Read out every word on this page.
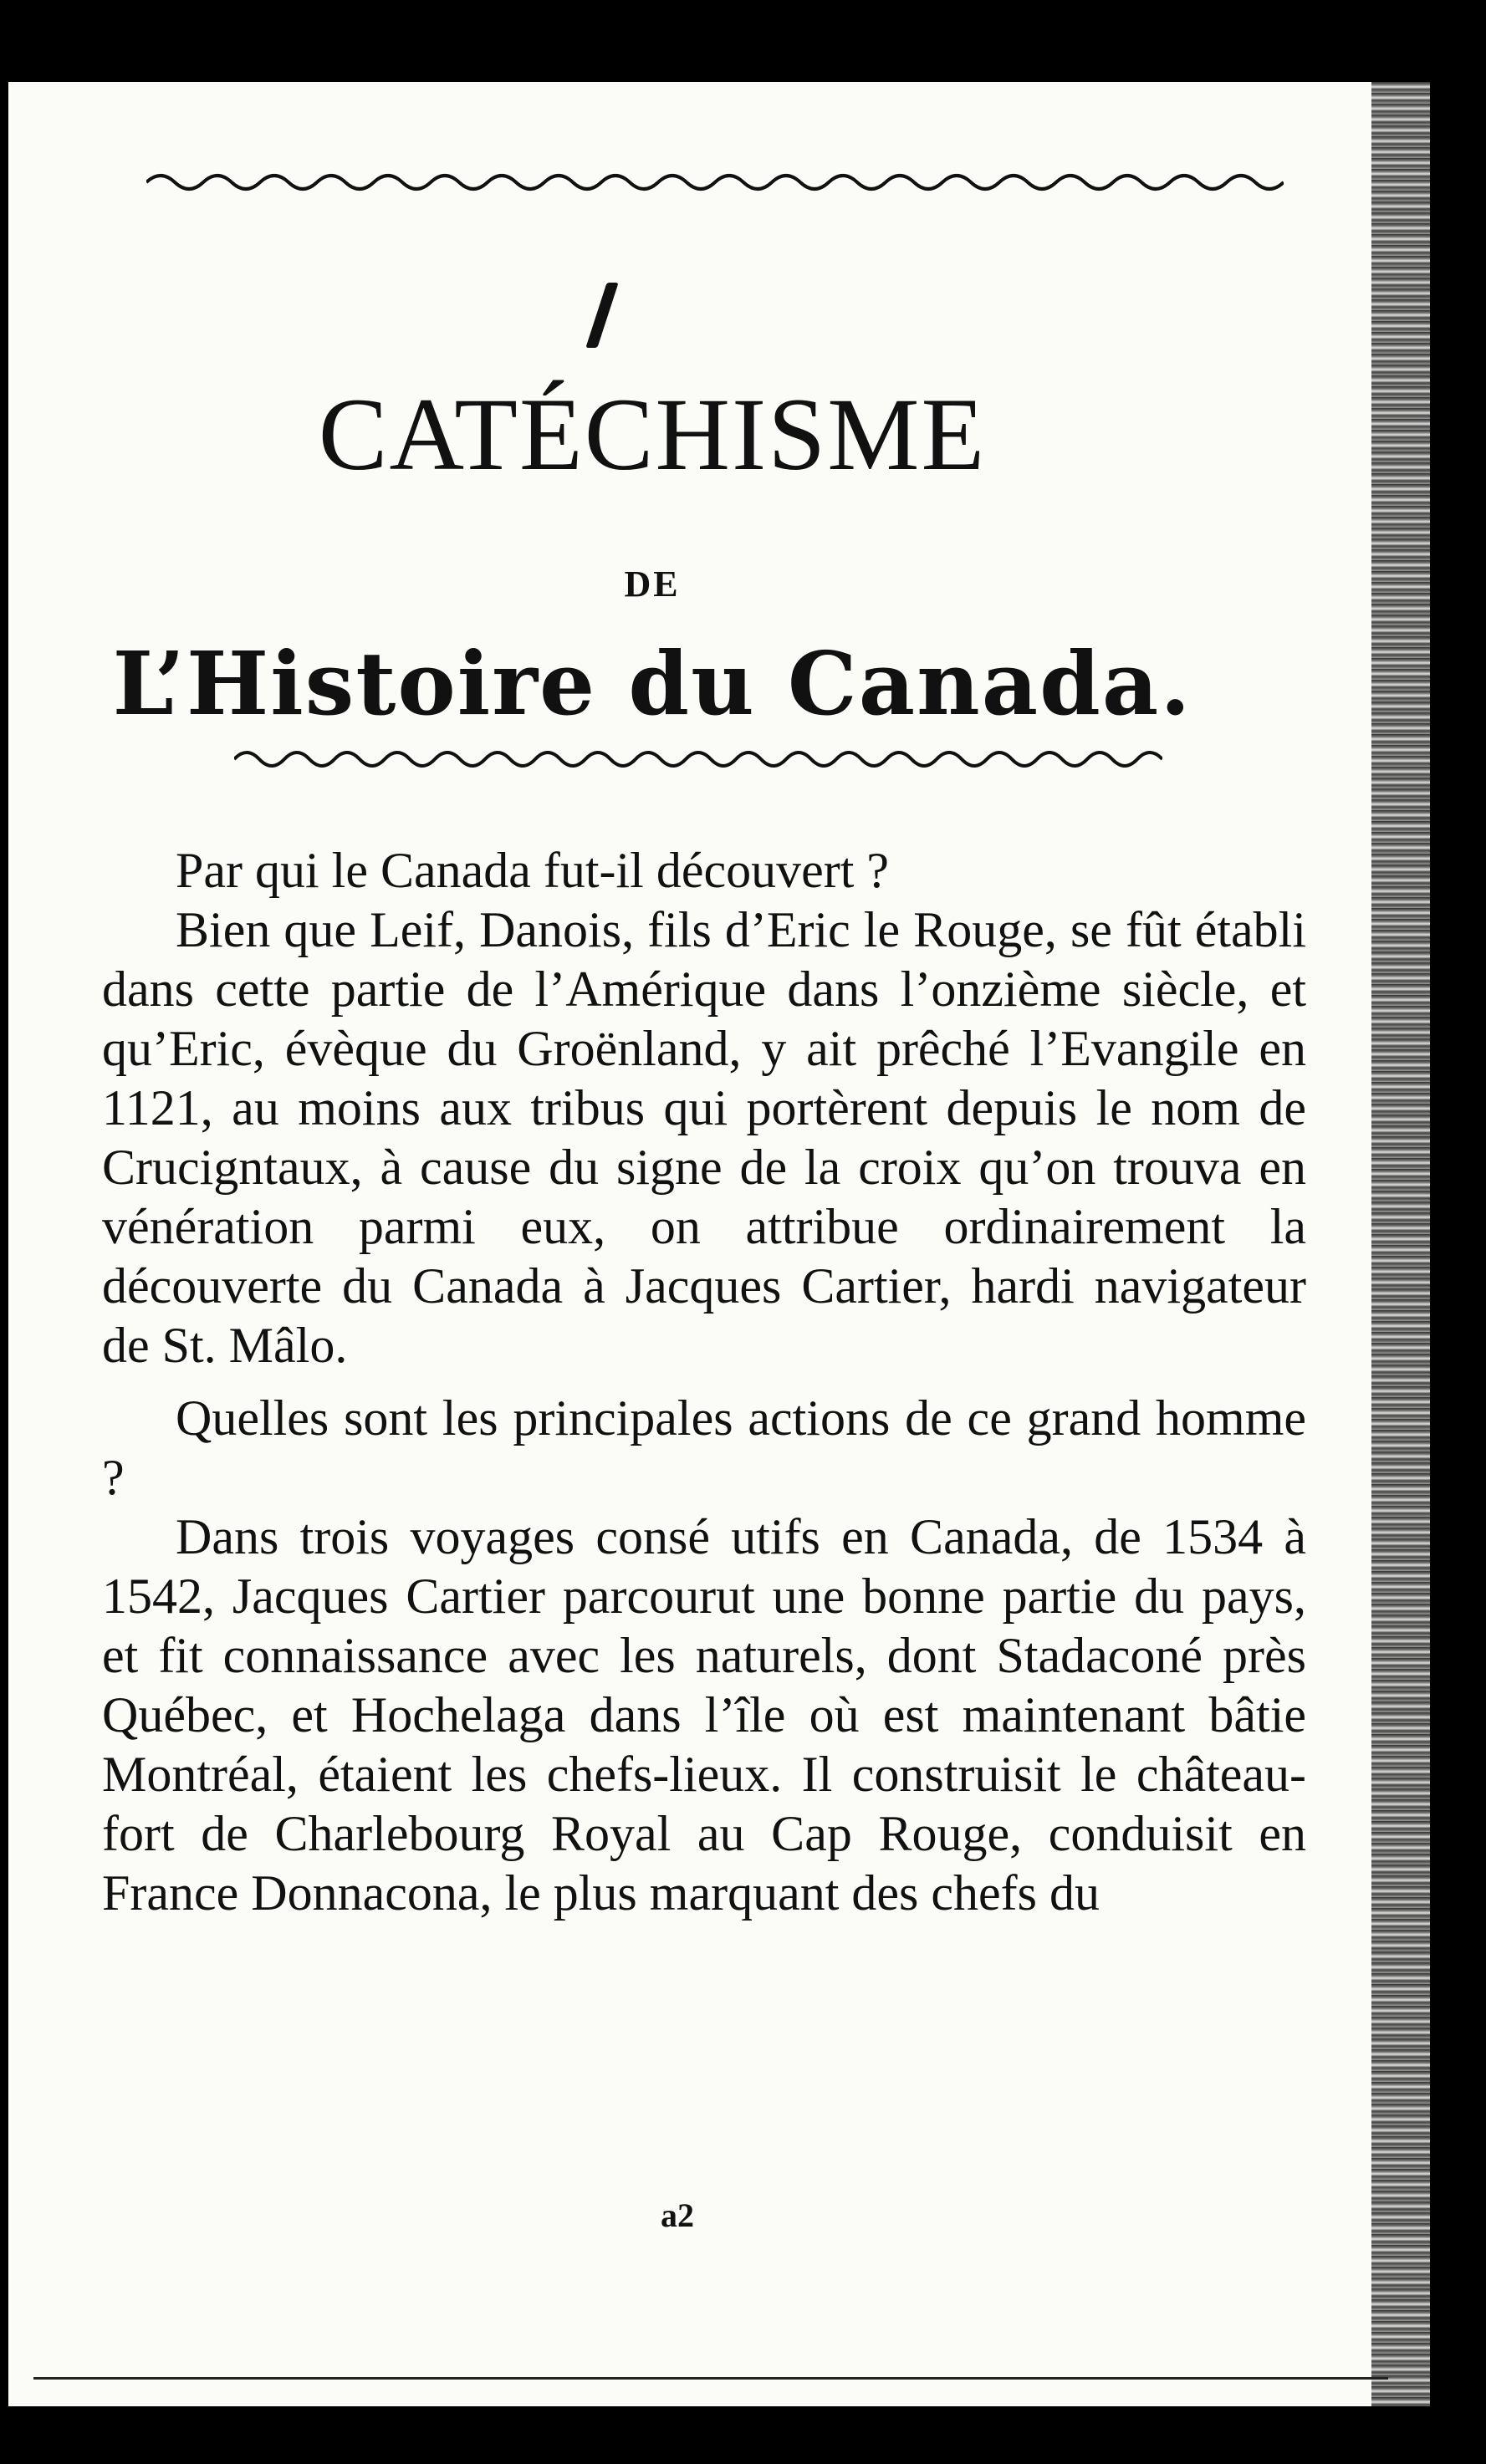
CATÉCHISME
DE
L’Histoire du Canada.

Par qui le Canada fut-il découvert ?

Bien que Leif, Danois, fils d’Eric le Rouge, se fût établi dans cette partie de l’Amérique dans l’onzième siècle, et qu’Eric, évèque du Groënland, y ait prêché l’Evangile en 1121, au moins aux tribus qui portèrent depuis le nom de Crucigntaux, à cause du signe de la croix qu’on trouva en vénération parmi eux, on attribue ordinairement la découverte du Canada à Jacques Cartier, hardi navigateur de St. Mâlo.

Quelles sont les principales actions de ce grand homme ?

Dans trois voyages consé utifs en Canada, de 1534 à 1542, Jacques Cartier parcourut une bonne partie du pays, et fit connaissance avec les naturels, dont Stadaconé près Québec, et Hochelaga dans l’île où est maintenant bâtie Montréal, étaient les chefs-lieux. Il construisit le château-fort de Charlebourg Royal au Cap Rouge, conduisit en France Donnacona, le plus marquant des chefs du

a2
